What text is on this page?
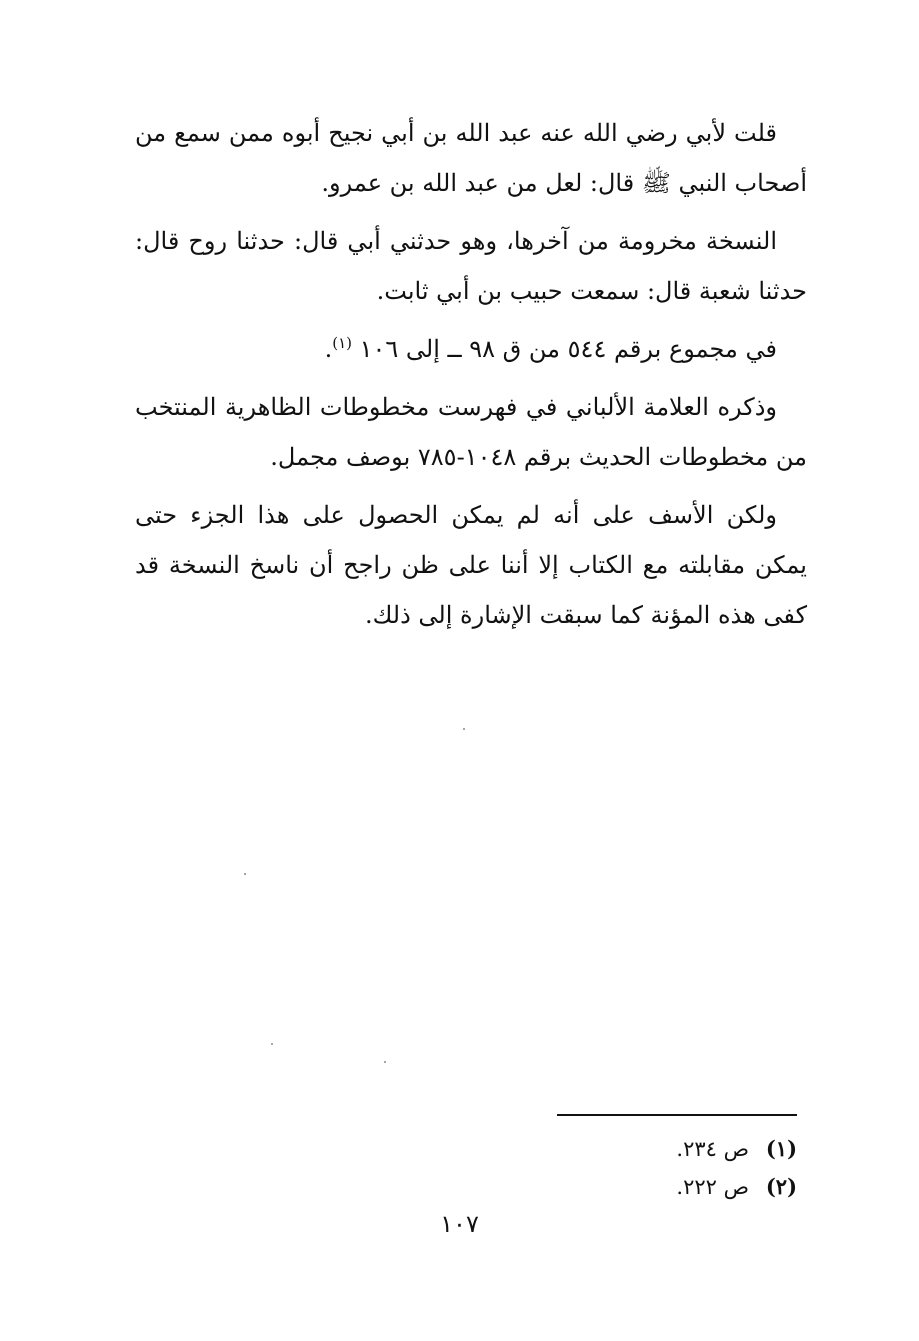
قلت لأبي رضي الله عنه عبد الله بن أبي نجيح أبوه ممن سمع من أصحاب النبي ﷺ قال: لعل من عبد الله بن عمرو.

النسخة مخرومة من آخرها، وهو حدثني أبي قال: حدثنا روح قال: حدثنا شعبة قال: سمعت حبيب بن أبي ثابت.

في مجموع برقم ٥٤٤ من ق ٩٨ ــ إلى ١٠٦ $^{(١)}$.

وذكره العلامة الألباني في فهرست مخطوطات الظاهرية المنتخب من مخطوطات الحديث برقم ١٠٤٨-٧٨٥ بوصف مجمل.

ولكن الأسف على أنه لم يمكن الحصول على هذا الجزء حتى يمكن مقابلته مع الكتاب إلا أننا على ظن راجح أن ناسخ النسخة قد كفى هذه المؤنة كما سبقت الإشارة إلى ذلك.

(١)ص ٢٣٤.
(٢)ص ٢٢٢.
١٠٧
